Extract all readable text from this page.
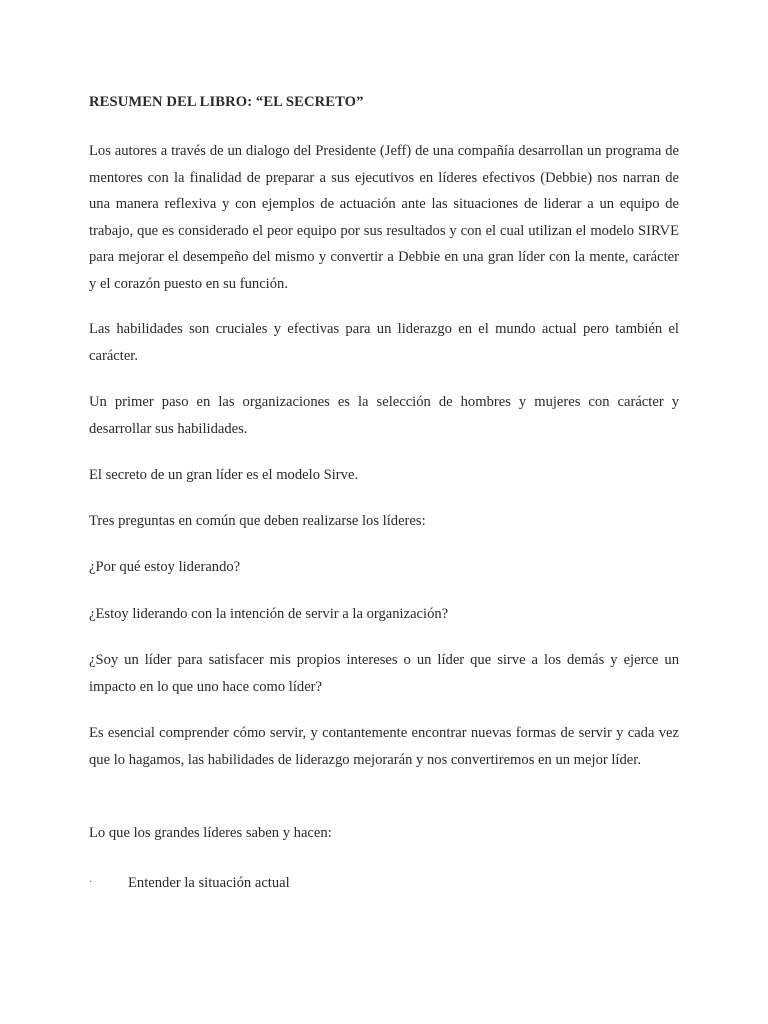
RESUMEN DEL LIBRO: “EL SECRETO”

Los autores a través de un dialogo del Presidente (Jeff) de una compañía desarrollan un programa de mentores con la finalidad de preparar a sus ejecutivos en líderes efectivos (Debbie) nos narran de una manera reflexiva y con ejemplos de actuación ante las situaciones de liderar a un equipo de trabajo, que es considerado el peor equipo por sus resultados y con el cual utilizan el modelo SIRVE para mejorar el desempeño del mismo y convertir a Debbie en una gran líder con la mente, carácter y el corazón puesto en su función.

Las habilidades son cruciales y efectivas para un liderazgo en el mundo actual pero también el carácter.

Un primer paso en las organizaciones es la selección de hombres y mujeres con carácter y desarrollar sus habilidades.

El secreto de un gran líder es el modelo Sirve.

Tres preguntas en común que deben realizarse los líderes:

¿Por qué estoy liderando?

¿Estoy liderando con la intención de servir a la organización?

¿Soy un líder para satisfacer mis propios intereses o un líder que sirve a los demás y ejerce un impacto en lo que uno hace como líder?

Es esencial comprender cómo servir, y contantemente encontrar nuevas formas de servir y cada vez que lo hagamos, las habilidades de liderazgo mejorarán y nos convertiremos en un mejor líder.

Lo que los grandes líderes saben y hacen:

· Entender la situación actual
